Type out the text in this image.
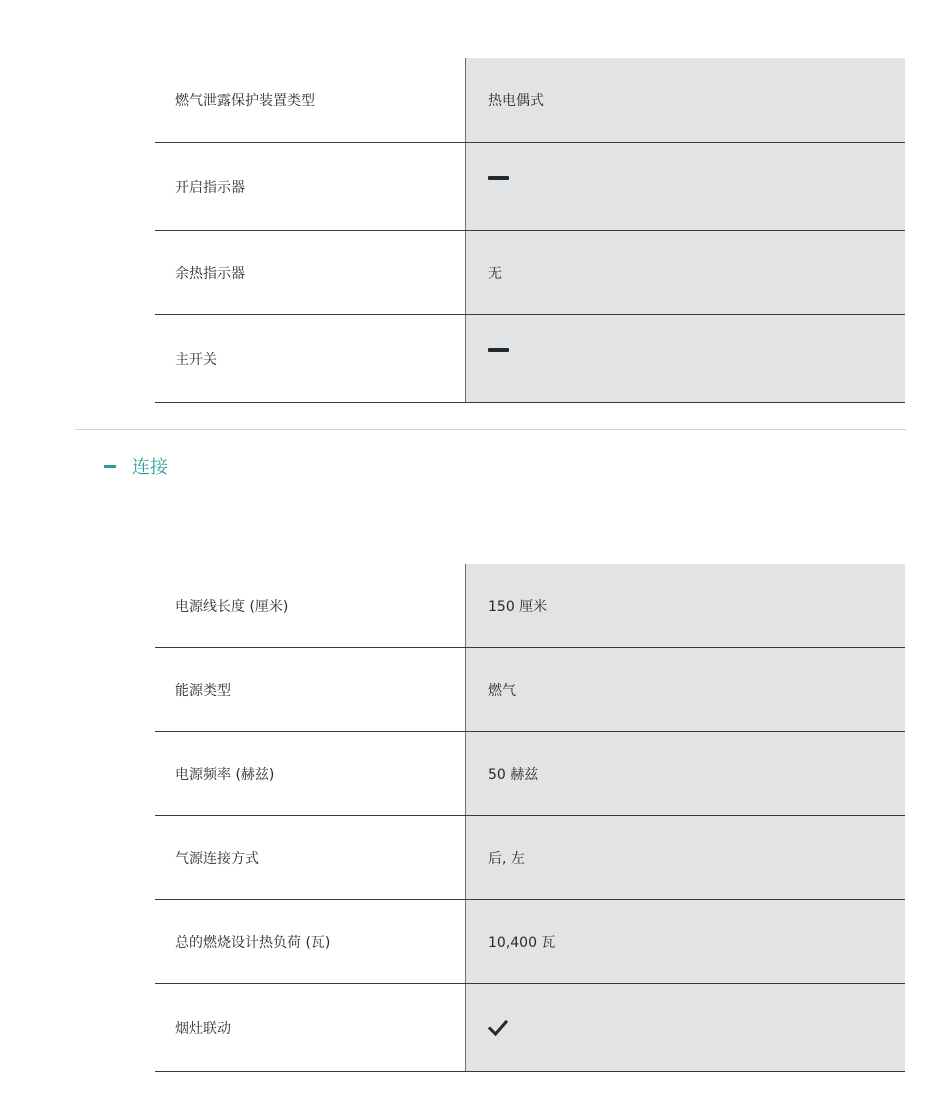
燃气泄露保护装置类型	热电偶式
开启指示器
余热指示器	无
主开关
连接
电源线长度 (厘米)	150 厘米
能源类型	燃气
电源频率 (赫兹)	50 赫兹
气源连接方式	后, 左
总的燃烧设计热负荷 (瓦)	10,400 瓦
烟灶联动
